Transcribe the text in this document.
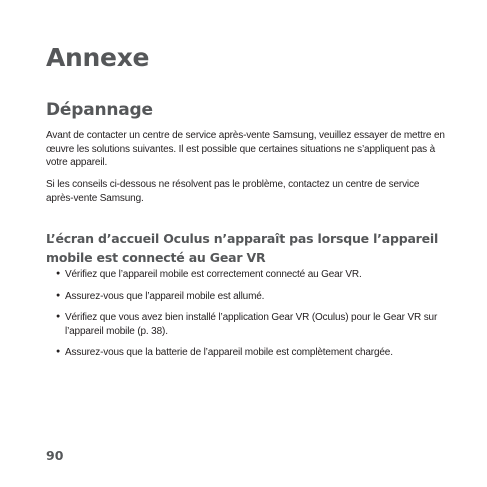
Annexe
Dépannage

Avant de contacter un centre de service après-vente Samsung, veuillez essayer de mettre en œuvre les solutions suivantes. Il est possible que certaines situations ne s’appliquent pas à votre appareil.

Si les conseils ci-dessous ne résolvent pas le problème, contactez un centre de service après-vente Samsung.

L’écran d’accueil Oculus n’apparaît pas lorsque l’appareil mobile est connecté au Gear VR
● Vérifiez que l’appareil mobile est correctement connecté au Gear VR.
● Assurez-vous que l’appareil mobile est allumé.
● Vérifiez que vous avez bien installé l’application Gear VR (Oculus) pour le Gear VR sur l’appareil mobile (p. 38).
● Assurez-vous que la batterie de l’appareil mobile est complètement chargée.
90
